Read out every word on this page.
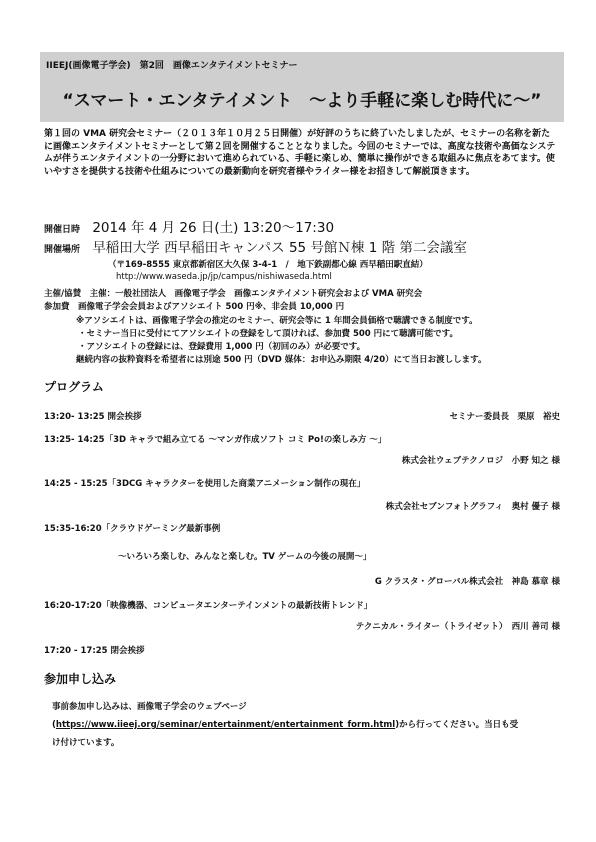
IIEEJ(画像電子学会)　第2回　画像エンタテイメントセミナー
“スマート・エンタテイメント　～より手軽に楽しむ時代に～”
第１回の VMA 研究会セミナー（２０１３年１０月２５日開催）が好評のうちに終了いたしましたが、セミナーの名称を新たに画像エンタテイメントセミナーとして第２回を開催することとなりました。今回のセミナーでは、高度な技術や高価なシステムが伴うエンタテイメントの一分野において進められている、手軽に楽しめ、簡単に操作ができる取組みに焦点をあてます。使いやすさを提供する技術や仕組みについての最新動向を研究者様やライター様をお招きして解説頂きます。
開催日時 2014 年 4 月 26 日(土) 13:20～17:30
開催場所 早稲田大学 西早稲田キャンパス 55 号館Ｎ棟 1 階 第二会議室
（〒169-8555 東京都新宿区大久保 3-4-1　/　地下鉄副都心線 西早稲田駅直結）
http://www.waseda.jp/jp/campus/nishiwaseda.html
主催/協賛　主催：一般社団法人　画像電子学会　画像エンタテイメント研究会および VMA 研究会
参加費　画像電子学会会員およびアソシエイト 500 円※、非会員 10,000 円
※アソシエイトは、画像電子学会の推定のセミナー、研究会等に 1 年間会員価格で聴講できる制度です。
・セミナー当日に受付にてアソシエイトの登録をして頂ければ、参加費 500 円にて聴講可能です。
・アソシエイトの登録には、登録費用 1,000 円（初回のみ）が必要です。
継続内容の抜粋資料を希望者には別途 500 円（DVD 媒体：お申込み期限 4/20）にて当日お渡しします。
プログラム
13:20- 13:25 開会挨拶	セミナー委員長　栗原　裕史
13:25- 14:25「3D キャラで組み立てる ～マンガ作成ソフト コミ Po!の楽しみ方 ～」
株式会社ウェブテクノロジ　小野 知之 様
14:25 - 15:25「3DCG キャラクターを使用した商業アニメーション制作の現在」
株式会社セブンフォトグラフィ　奥村 優子 様
15:35-16:20「クラウドゲーミング最新事例
～いろいろ楽しむ、みんなと楽しむ。TV ゲームの今後の展開～」
G クラスタ・グローバル株式会社　神島 慕章 様
16:20-17:20「映像機器、コンピュータエンターテインメントの最新技術トレンド」
テクニカル・ライター（トライゼット）　西川 善司 様
17:20 - 17:25 閉会挨拶
参加申し込み
事前参加申し込みは、画像電子学会のウェブページ
(https://www.iieej.org/seminar/entertainment/entertainment_form.html)から行ってください。当日も受
け付けています。
